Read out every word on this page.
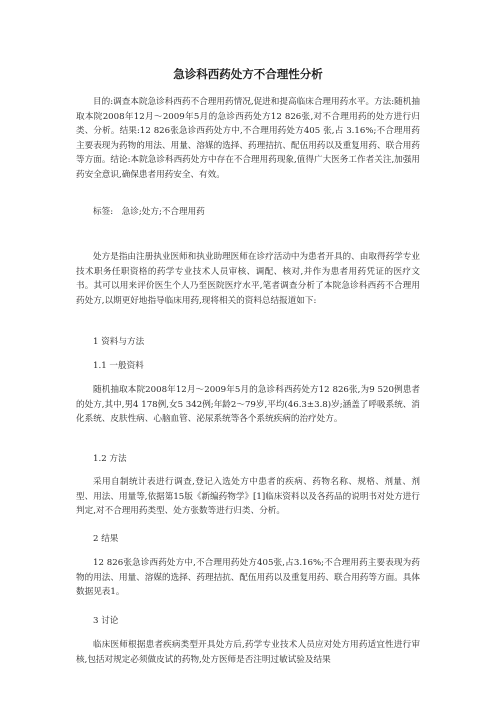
急诊科西药处方不合理性分析

目的:调查本院急诊科西药不合理用药情况,促进和提高临床合理用药水平。方法:随机抽取本院2008年12月～2009年5月的急诊西药处方12 826张,对不合理用药的处方进行归类、分析。结果:12 826张急诊西药处方中,不合理用药处方405 张,占 3.16%;不合理用药主要表现为药物的用法、用量、溶媒的选择、药理拮抗、配伍用药以及重复用药、联合用药等方面。结论:本院急诊科西药处方中存在不合理用药现象,值得广大医务工作者关注,加强用药安全意识,确保患者用药安全、有效。

标签:　急诊;处方;不合理用药

处方是指由注册执业医师和执业助理医师在诊疗活动中为患者开具的、由取得药学专业技术职务任职资格的药学专业技术人员审核、调配、核对,并作为患者用药凭证的医疗文书。其可以用来评价医生个人乃至医院医疗水平,笔者调查分析了本院急诊科西药不合理用药处方,以期更好地指导临床用药,现将相关的资料总结报道如下:

1 资料与方法

1.1 一般资料

随机抽取本院2008年12月～2009年5月的急诊科西药处方12 826张,为9 520例患者的处方,其中,男4 178例,女5 342例;年龄2～79岁,平均(46.3±3.8)岁;涵盖了呼吸系统、消化系统、皮肤性病、心脑血管、泌尿系统等各个系统疾病的治疗处方。

1.2 方法

采用自制统计表进行调查,登记入选处方中患者的疾病、药物名称、规格、剂量、剂型、用法、用量等,依据第15版《新编药物学》[1]临床资料以及各药品的说明书对处方进行判定,对不合理用药类型、处方张数等进行归类、分析。

2 结果

12 826张急诊西药处方中,不合理用药处方405张,占3.16%;不合理用药主要表现为药物的用法、用量、溶媒的选择、药理拮抗、配伍用药以及重复用药、联合用药等方面。具体数据见表1。

3 讨论

临床医师根据患者疾病类型开具处方后,药学专业技术人员应对处方用药适宜性进行审核,包括对规定必须做皮试的药物,处方医师是否注明过敏试验及结果
